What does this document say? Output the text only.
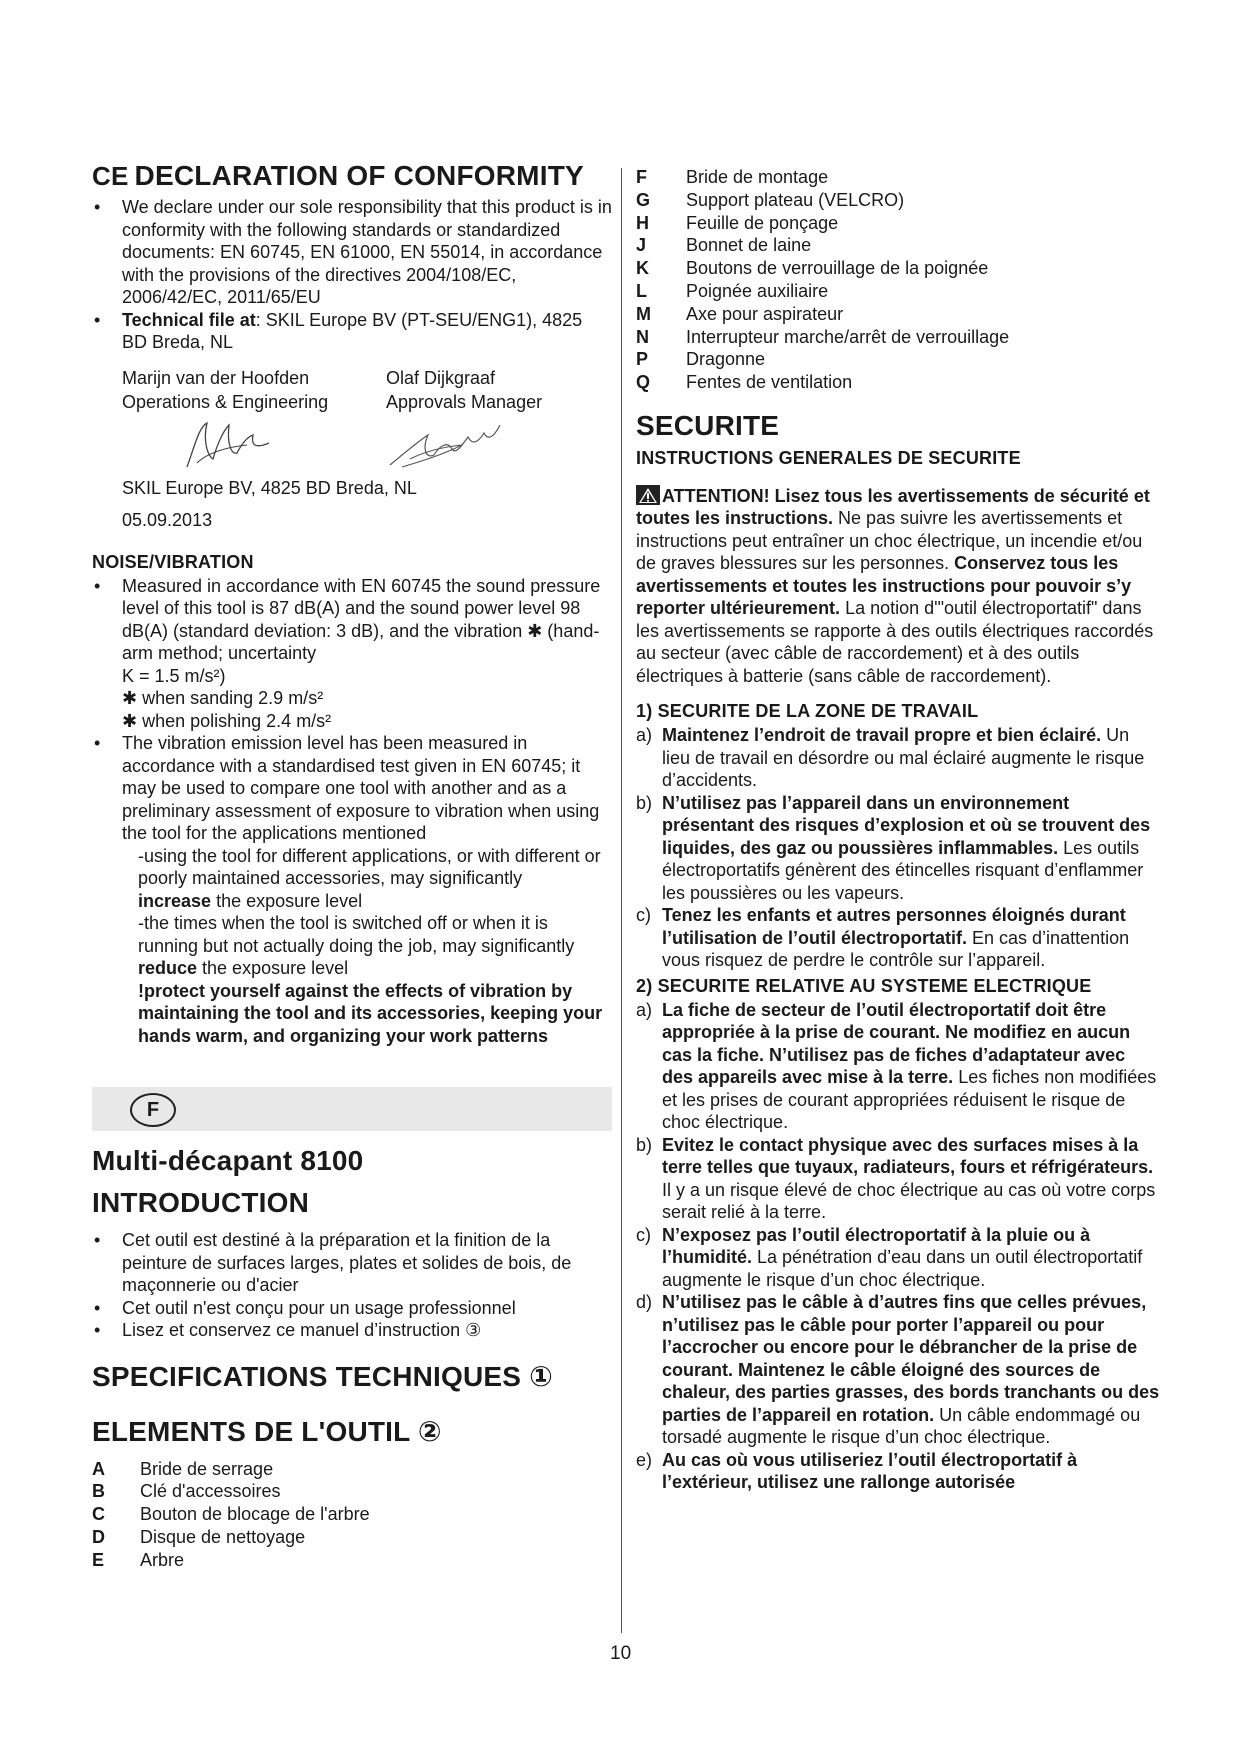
CE DECLARATION OF CONFORMITY
• We declare under our sole responsibility that this product is in conformity with the following standards or standardized documents: EN 60745, EN 61000, EN 55014, in accordance with the provisions of the directives 2004/108/EC, 2006/42/EC, 2011/65/EU
• Technical file at: SKIL Europe BV (PT-SEU/ENG1), 4825 BD Breda, NL
Marijn van der Hoofden
Operations & Engineering
Olaf Dijkgraaf
Approvals Manager
SKIL Europe BV, 4825 BD Breda, NL
05.09.2013
NOISE/VIBRATION
• Measured in accordance with EN 60745 the sound pressure level of this tool is 87 dB(A) and the sound power level 98 dB(A) (standard deviation: 3 dB), and the vibration ✱ (hand-arm method; uncertainty
K = 1.5 m/s²)
✱ when sanding 2.9 m/s²
✱ when polishing 2.4 m/s²
• The vibration emission level has been measured in accordance with a standardised test given in EN 60745; it may be used to compare one tool with another and as a preliminary assessment of exposure to vibration when using the tool for the applications mentioned
-using the tool for different applications, or with different or poorly maintained accessories, may significantly
increase the exposure level
-the times when the tool is switched off or when it is running but not actually doing the job, may significantly
reduce the exposure level
!protect yourself against the effects of vibration by maintaining the tool and its accessories, keeping your hands warm, and organizing your work patterns
F
Multi-décapant 8100
INTRODUCTION
• Cet outil est destiné à la préparation et la finition de la peinture de surfaces larges, plates et solides de bois, de maçonnerie ou d'acier
• Cet outil n'est conçu pour un usage professionnel
• Lisez et conservez ce manuel d’instruction ③
SPECIFICATIONS TECHNIQUES ①
ELEMENTS DE L'OUTIL ②
A	Bride de serrage
B	Clé d'accessoires
C	Bouton de blocage de l'arbre
D	Disque de nettoyage
E	Arbre
F	Bride de montage
G	Support plateau (VELCRO)
H	Feuille de ponçage
J	Bonnet de laine
K	Boutons de verrouillage de la poignée
L	Poignée auxiliaire
M	Axe pour aspirateur
N	Interrupteur marche/arrêt de verrouillage
P	Dragonne
Q	Fentes de ventilation
SECURITE
INSTRUCTIONS GENERALES DE SECURITE

ATTENTION! Lisez tous les avertissements de sécurité et toutes les instructions. Ne pas suivre les avertissements et instructions peut entraîner un choc électrique, un incendie et/ou de graves blessures sur les personnes. Conservez tous les avertissements et toutes les instructions pour pouvoir s’y reporter ultérieurement. La notion d'"outil électroportatif" dans les avertissements se rapporte à des outils électriques raccordés au secteur (avec câble de raccordement) et à des outils électriques à batterie (sans câble de raccordement).

1) SECURITE DE LA ZONE DE TRAVAIL
a) Maintenez l’endroit de travail propre et bien éclairé. Un lieu de travail en désordre ou mal éclairé augmente le risque d’accidents.
b) N’utilisez pas l’appareil dans un environnement présentant des risques d’explosion et où se trouvent des liquides, des gaz ou poussières inflammables. Les outils électroportatifs génèrent des étincelles risquant d’enflammer les poussières ou les vapeurs.
c) Tenez les enfants et autres personnes éloignés durant l’utilisation de l’outil électroportatif. En cas d’inattention vous risquez de perdre le contrôle sur l’appareil.
2) SECURITE RELATIVE AU SYSTEME ELECTRIQUE
a) La fiche de secteur de l’outil électroportatif doit être appropriée à la prise de courant. Ne modifiez en aucun cas la fiche. N’utilisez pas de fiches d’adaptateur avec des appareils avec mise à la terre. Les fiches non modifiées et les prises de courant appropriées réduisent le risque de choc électrique.
b) Evitez le contact physique avec des surfaces mises à la terre telles que tuyaux, radiateurs, fours et réfrigérateurs. Il y a un risque élevé de choc électrique au cas où votre corps serait relié à la terre.
c) N’exposez pas l’outil électroportatif à la pluie ou à l’humidité. La pénétration d’eau dans un outil électroportatif augmente le risque d’un choc électrique.
d) N’utilisez pas le câble à d’autres fins que celles prévues, n’utilisez pas le câble pour porter l’appareil ou pour l’accrocher ou encore pour le débrancher de la prise de courant. Maintenez le câble éloigné des sources de chaleur, des parties grasses, des bords tranchants ou des parties de l’appareil en rotation. Un câble endommagé ou torsadé augmente le risque d’un choc électrique.
e) Au cas où vous utiliseriez l’outil électroportatif à l’extérieur, utilisez une rallonge autorisée
10
